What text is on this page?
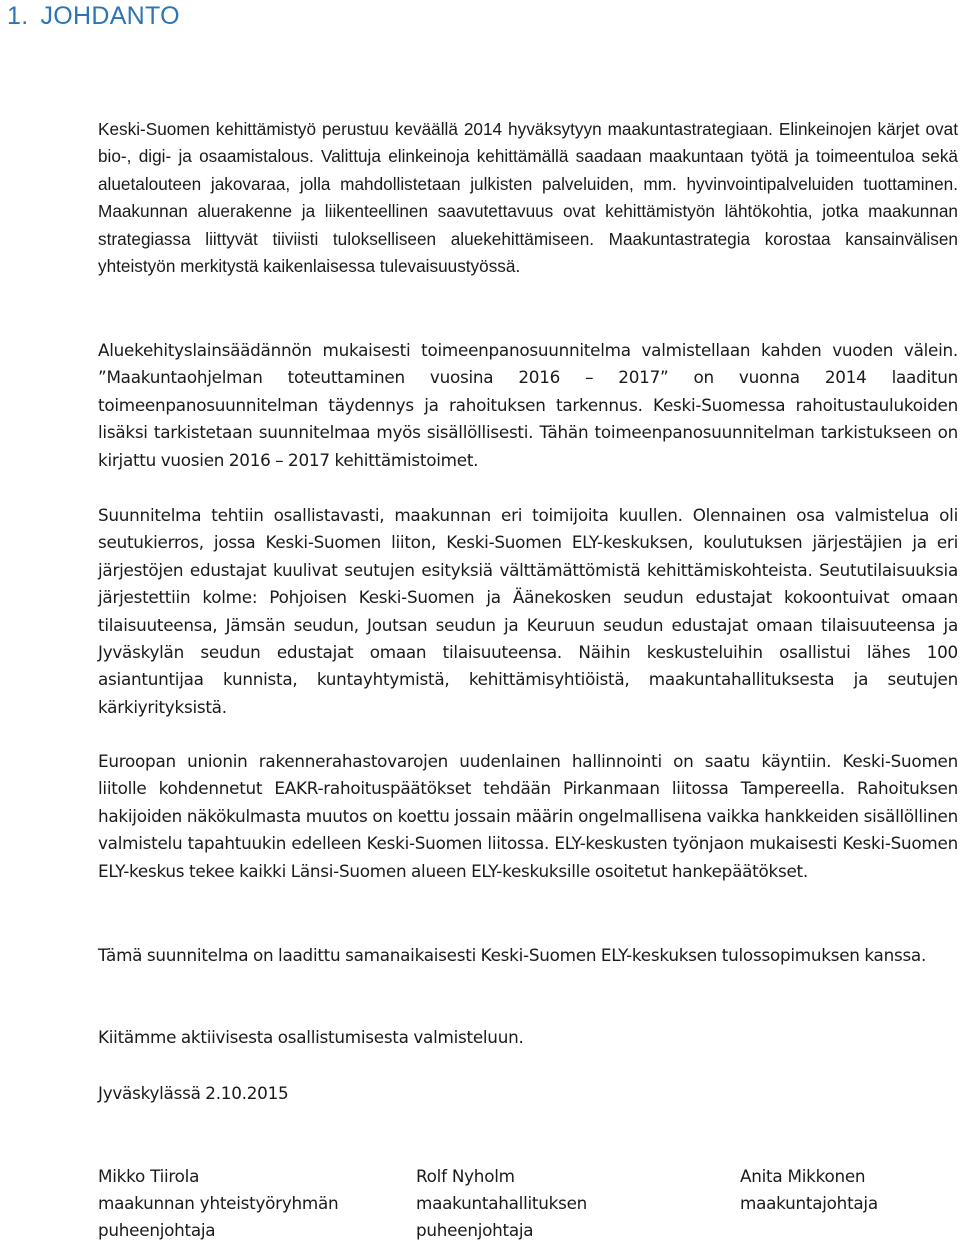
1. JOHDANTO

Keski-Suomen kehittämistyö perustuu keväällä 2014 hyväksytyyn maakuntastrategiaan. Elinkeinojen kärjet ovat bio-, digi- ja osaamistalous. Valittuja elinkeinoja kehittämällä saadaan maakuntaan työtä ja toimeentuloa sekä aluetalouteen jakovaraa, jolla mahdollistetaan julkisten palveluiden, mm. hyvinvointipalveluiden tuottaminen. Maakunnan aluerakenne ja liikenteellinen saavutettavuus ovat kehittämistyön lähtökohtia, jotka maakunnan strategiassa liittyvät tiiviisti tulokselliseen aluekehittämiseen. Maakuntastrategia korostaa kansainvälisen yhteistyön merkitystä kaikenlaisessa tulevaisuustyössä.

Aluekehityslainsäädännön mukaisesti toimeenpanosuunnitelma valmistellaan kahden vuoden välein. ”Maakuntaohjelman toteuttaminen vuosina 2016 – 2017” on vuonna 2014 laaditun toimeenpanosuunnitelman täydennys ja rahoituksen tarkennus. Keski-Suomessa rahoitustaulukoiden lisäksi tarkistetaan suunnitelmaa myös sisällöllisesti. Tähän toimeenpanosuunnitelman tarkistukseen on kirjattu vuosien 2016 – 2017 kehittämistoimet.

Suunnitelma tehtiin osallistavasti, maakunnan eri toimijoita kuullen. Olennainen osa valmistelua oli seutukierros, jossa Keski-Suomen liiton, Keski-Suomen ELY-keskuksen, koulutuksen järjestäjien ja eri järjestöjen edustajat kuulivat seutujen esityksiä välttämättömistä kehittämiskohteista. Seututilaisuuksia järjestettiin kolme: Pohjoisen Keski-Suomen ja Äänekosken seudun edustajat kokoontuivat omaan tilaisuuteensa, Jämsän seudun, Joutsan seudun ja Keuruun seudun edustajat omaan tilaisuuteensa ja Jyväskylän seudun edustajat omaan tilaisuuteensa. Näihin keskusteluihin osallistui lähes 100 asiantuntijaa kunnista, kuntayhtymistä, kehittämisyhtiöistä, maakuntahallituksesta ja seutujen kärkiyrityksistä.

Euroopan unionin rakennerahastovarojen uudenlainen hallinnointi on saatu käyntiin. Keski-Suomen liitolle kohdennetut EAKR-rahoituspäätökset tehdään Pirkanmaan liitossa Tampereella. Rahoituksen hakijoiden näkökulmasta muutos on koettu jossain määrin ongelmallisena vaikka hankkeiden sisällöllinen valmistelu tapahtuukin edelleen Keski-Suomen liitossa. ELY-keskusten työnjaon mukaisesti Keski-Suomen ELY-keskus tekee kaikki Länsi-Suomen alueen ELY-keskuksille osoitetut hankepäätökset.

Tämä suunnitelma on laadittu samanaikaisesti Keski-Suomen ELY-keskuksen tulossopimuksen kanssa.

Kiitämme aktiivisesta osallistumisesta valmisteluun.

Jyväskylässä 2.10.2015

Mikko Tiirola
maakunnan yhteistyöryhmän
puheenjohtaja
Rolf Nyholm
maakuntahallituksen
puheenjohtaja
Anita Mikkonen
maakuntajohtaja
